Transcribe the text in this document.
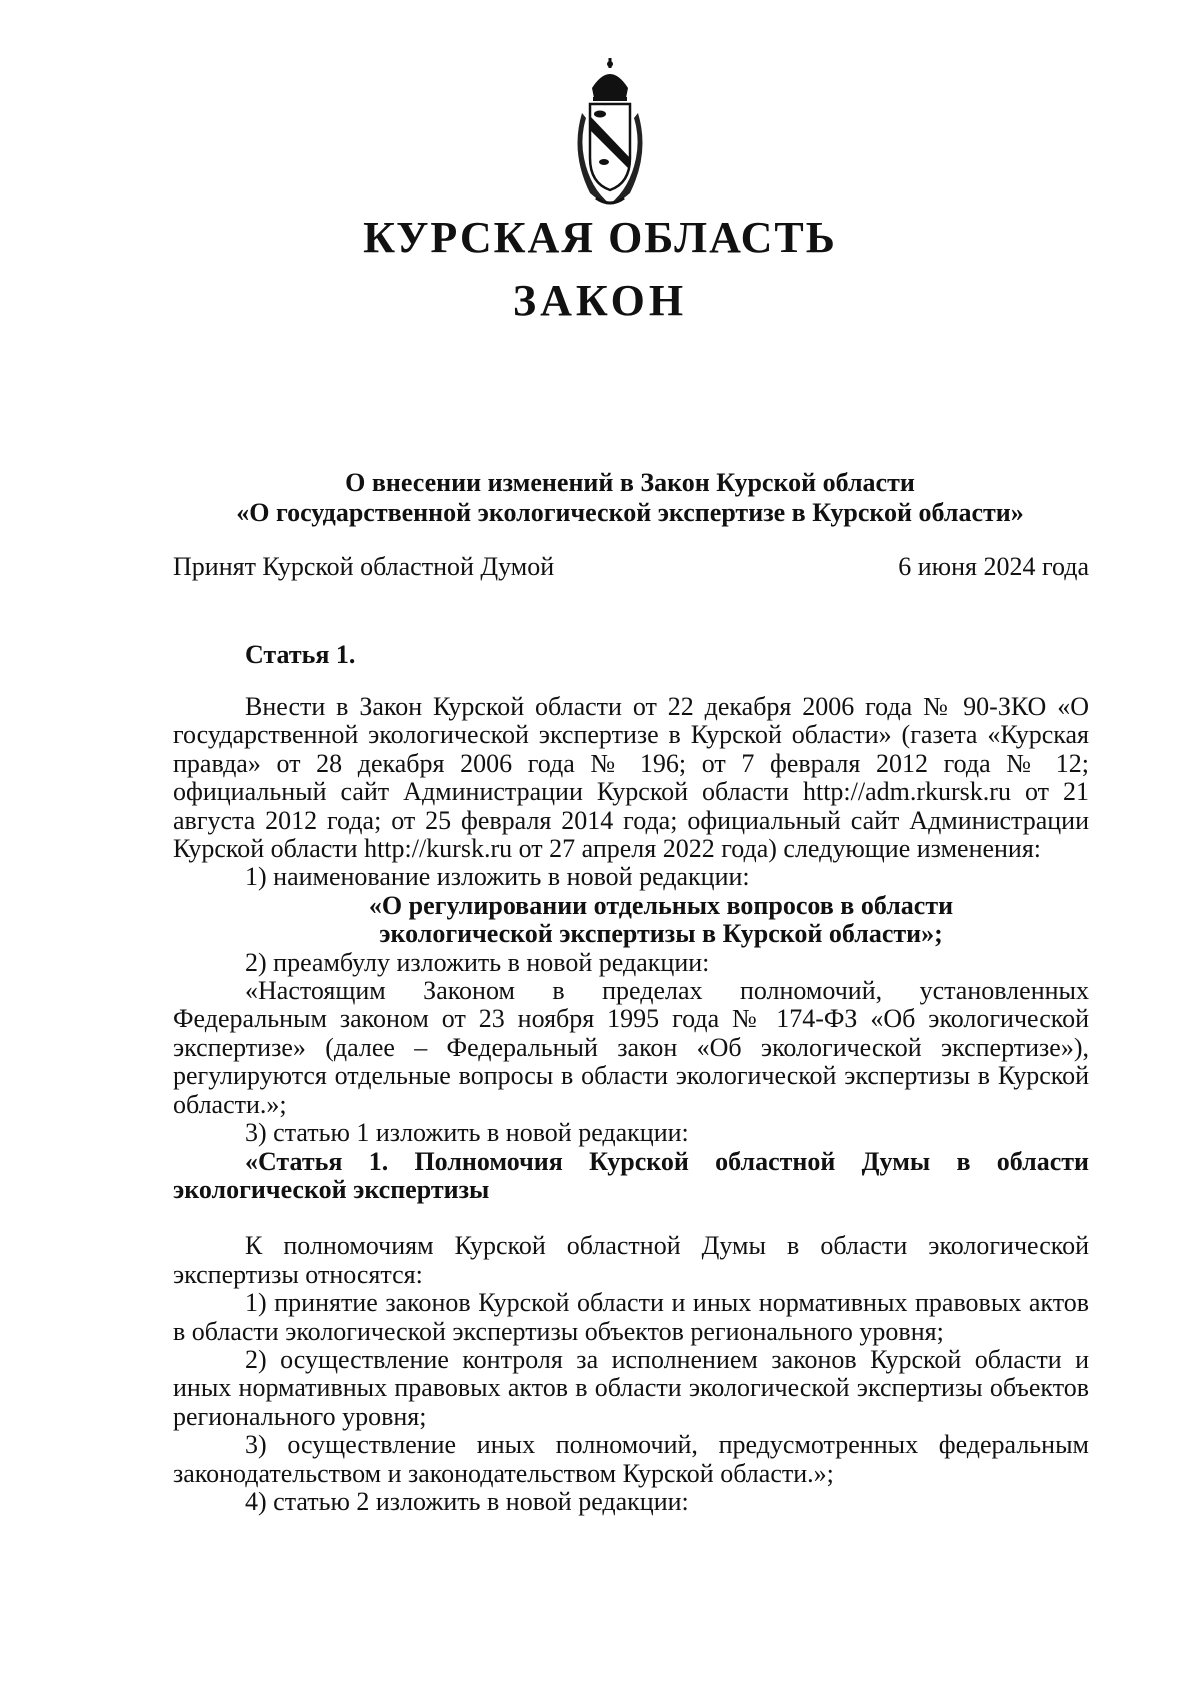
КУРСКАЯ ОБЛАСТЬ
ЗАКОН
О внесении изменений в Закон Курской области
«О государственной экологической экспертизе в Курской области»
Принят Курской областной Думой	6 июня 2024 года
Статья 1.

Внести в Закон Курской области от 22 декабря 2006 года № 90-ЗКО «О государственной экологической экспертизе в Курской области» (газета «Курская правда» от 28 декабря 2006 года № 196; от 7 февраля 2012 года № 12; официальный сайт Администрации Курской области http://adm.rkursk.ru от 21 августа 2012 года; от 25 февраля 2014 года; официальный сайт Администрации Курской области http://kursk.ru от 27 апреля 2022 года) следующие изменения:

1) наименование изложить в новой редакции:

«О регулировании отдельных вопросов в области

экологической экспертизы в Курской области»;

2) преамбулу изложить в новой редакции:

«Настоящим Законом в пределах полномочий, установленных Федеральным законом от 23 ноября 1995 года № 174-ФЗ «Об экологической экспертизе» (далее – Федеральный закон «Об экологической экспертизе»), регулируются отдельные вопросы в области экологической экспертизы в Курской области.»;

3) статью 1 изложить в новой редакции:

«Статья 1. Полномочия Курской областной Думы в области экологической экспертизы

К полномочиям Курской областной Думы в области экологической экспертизы относятся:

1) принятие законов Курской области и иных нормативных правовых актов в области экологической экспертизы объектов регионального уровня;

2) осуществление контроля за исполнением законов Курской области и иных нормативных правовых актов в области экологической экспертизы объектов регионального уровня;

3) осуществление иных полномочий, предусмотренных федеральным законодательством и законодательством Курской области.»;

4) статью 2 изложить в новой редакции:
